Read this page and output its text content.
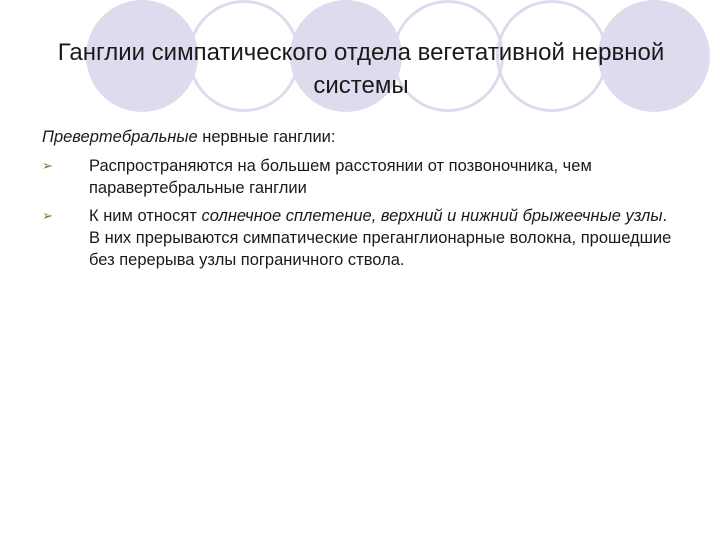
Ганглии симпатического отдела вегетативной нервной системы

Превертебральные нервные ганглии:

➢ Распространяются на большем расстоянии от позвоночника, чем паравертебральные ганглии
➢ К ним относят солнечное сплетение, верхний и нижний брыжеечные узлы. В них прерываются симпатические преганглионарные волокна, прошедшие без перерыва узлы пограничного ствола.
